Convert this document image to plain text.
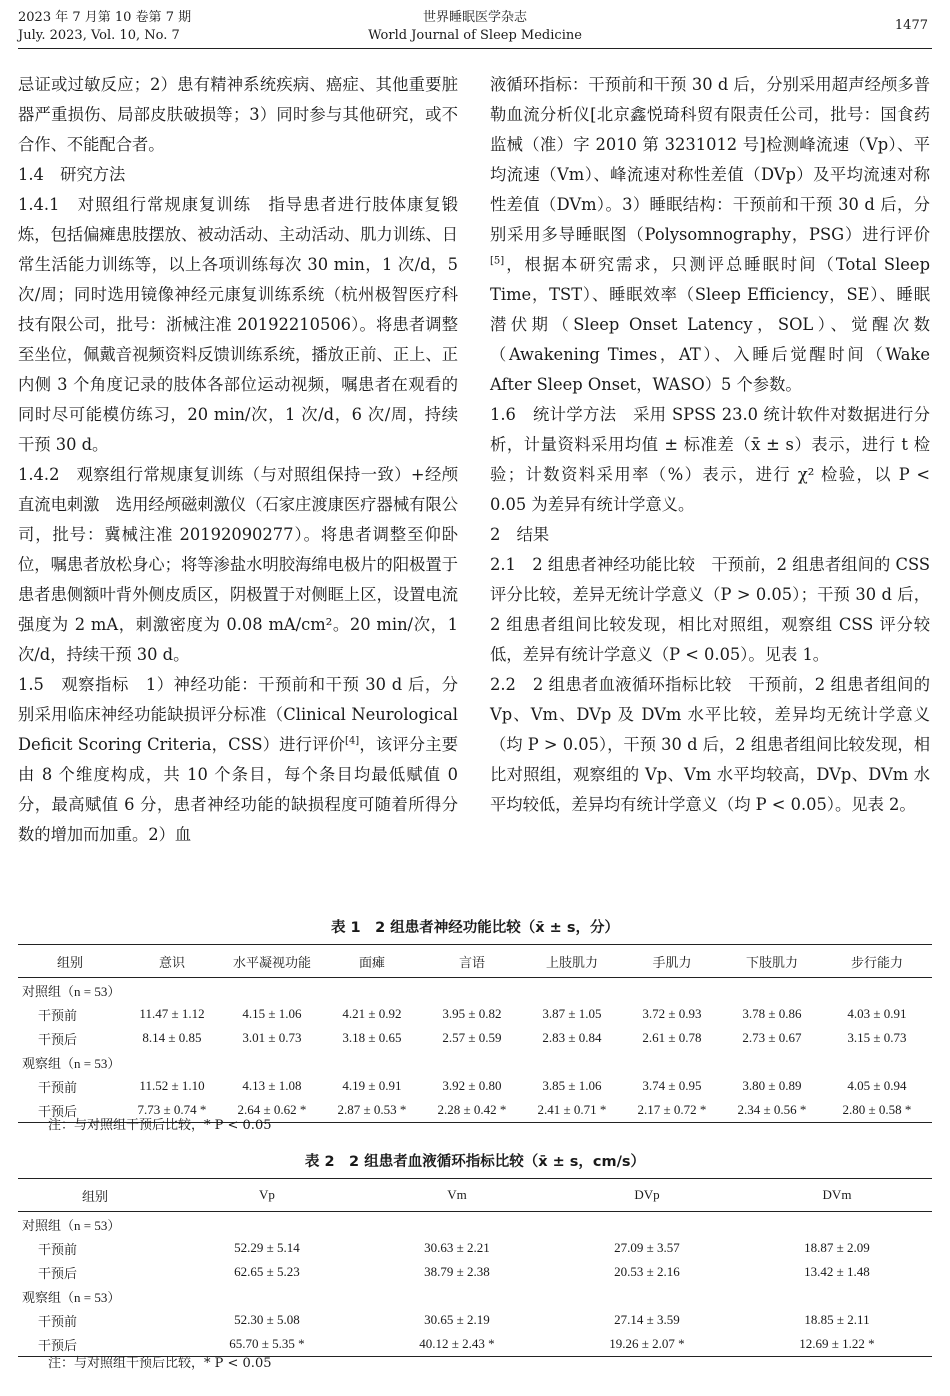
2023 年 7 月第 10 卷第 7 期
July. 2023, Vol. 10, No. 7
世界睡眠医学杂志
World Journal of Sleep Medicine
1477

忌证或过敏反应；2）患有精神系统疾病、癌症、其他重要脏器严重损伤、局部皮肤破损等；3）同时参与其他研究，或不合作、不能配合者。

1.4　研究方法

1.4.1　对照组行常规康复训练　指导患者进行肢体康复锻炼，包括偏瘫患肢摆放、被动活动、主动活动、肌力训练、日常生活能力训练等，以上各项训练每次 30 min，1 次/d，5 次/周；同时选用镜像神经元康复训练系统（杭州极智医疗科技有限公司，批号：浙械注准 20192210506）。将患者调整至坐位，佩戴音视频资料反馈训练系统，播放正前、正上、正内侧 3 个角度记录的肢体各部位运动视频，嘱患者在观看的同时尽可能模仿练习，20 min/次，1 次/d，6 次/周，持续干预 30 d。

1.4.2　观察组行常规康复训练（与对照组保持一致）+经颅直流电刺激　选用经颅磁刺激仪（石家庄渡康医疗器械有限公司，批号：冀械注准 20192090277）。将患者调整至仰卧位，嘱患者放松身心；将等渗盐水明胶海绵电极片的阳极置于患者患侧额叶背外侧皮质区，阴极置于对侧眶上区，设置电流强度为 2 mA，刺激密度为 0.08 mA/cm²。20 min/次，1 次/d，持续干预 30 d。

1.5　观察指标　1）神经功能：干预前和干预 30 d 后，分别采用临床神经功能缺损评分标准（Clinical Neurological Deficit Scoring Criteria，CSS）进行评价[4]，该评分主要由 8 个维度构成，共 10 个条目，每个条目均最低赋值 0 分，最高赋值 6 分，患者神经功能的缺损程度可随着所得分数的增加而加重。2）血

液循环指标：干预前和干预 30 d 后，分别采用超声经颅多普勒血流分析仪[北京鑫悦琦科贸有限责任公司，批号：国食药监械（准）字 2010 第 3231012 号]检测峰流速（Vp）、平均流速（Vm）、峰流速对称性差值（DVp）及平均流速对称性差值（DVm）。3）睡眠结构：干预前和干预 30 d 后，分别采用多导睡眠图（Polysomnography，PSG）进行评价[5]，根据本研究需求，只测评总睡眠时间（Total Sleep Time，TST）、睡眠效率（Sleep Efficiency，SE）、睡眠潜伏期（Sleep Onset Latency，SOL）、觉醒次数（Awakening Times，AT）、入睡后觉醒时间（Wake After Sleep Onset，WASO）5 个参数。

1.6　统计学方法　采用 SPSS 23.0 统计软件对数据进行分析，计量资料采用均值 ± 标准差（x̄ ± s）表示，进行 t 检验；计数资料采用率（%）表示，进行 χ² 检验，以 P < 0.05 为差异有统计学意义。

2　结果

2.1　2 组患者神经功能比较　干预前，2 组患者组间的 CSS 评分比较，差异无统计学意义（P > 0.05）；干预 30 d 后，2 组患者组间比较发现，相比对照组，观察组 CSS 评分较低，差异有统计学意义（P < 0.05）。见表 1。

2.2　2 组患者血液循环指标比较　干预前，2 组患者组间的 Vp、Vm、DVp 及 DVm 水平比较，差异均无统计学意义（均 P > 0.05），干预 30 d 后，2 组患者组间比较发现，相比对照组，观察组的 Vp、Vm 水平均较高，DVp、DVm 水平均较低，差异均有统计学意义（均 P < 0.05）。见表 2。

表 1　2 组患者神经功能比较（x̄ ± s，分）
组别	意识	水平凝视功能	面瘫	言语	上肢肌力	手肌力	下肢肌力	步行能力
对照组（n = 53）								
干预前	11.47 ± 1.12	4.15 ± 1.06	4.21 ± 0.92	3.95 ± 0.82	3.87 ± 1.05	3.72 ± 0.93	3.78 ± 0.86	4.03 ± 0.91
干预后	8.14 ± 0.85	3.01 ± 0.73	3.18 ± 0.65	2.57 ± 0.59	2.83 ± 0.84	2.61 ± 0.78	2.73 ± 0.67	3.15 ± 0.73
观察组（n = 53）								
干预前	11.52 ± 1.10	4.13 ± 1.08	4.19 ± 0.91	3.92 ± 0.80	3.85 ± 1.06	3.74 ± 0.95	3.80 ± 0.89	4.05 ± 0.94
干预后	7.73 ± 0.74 *	2.64 ± 0.62 *	2.87 ± 0.53 *	2.28 ± 0.42 *	2.41 ± 0.71 *	2.17 ± 0.72 *	2.34 ± 0.56 *	2.80 ± 0.58 *
注：与对照组干预后比较，* P < 0.05
表 2　2 组患者血液循环指标比较（x̄ ± s，cm/s）
组别	Vp	Vm	DVp	DVm
对照组（n = 53）				
干预前	52.29 ± 5.14	30.63 ± 2.21	27.09 ± 3.57	18.87 ± 2.09
干预后	62.65 ± 5.23	38.79 ± 2.38	20.53 ± 2.16	13.42 ± 1.48
观察组（n = 53）				
干预前	52.30 ± 5.08	30.65 ± 2.19	27.14 ± 3.59	18.85 ± 2.11
干预后	65.70 ± 5.35 *	40.12 ± 2.43 *	19.26 ± 2.07 *	12.69 ± 1.22 *
注：与对照组干预后比较，* P < 0.05
